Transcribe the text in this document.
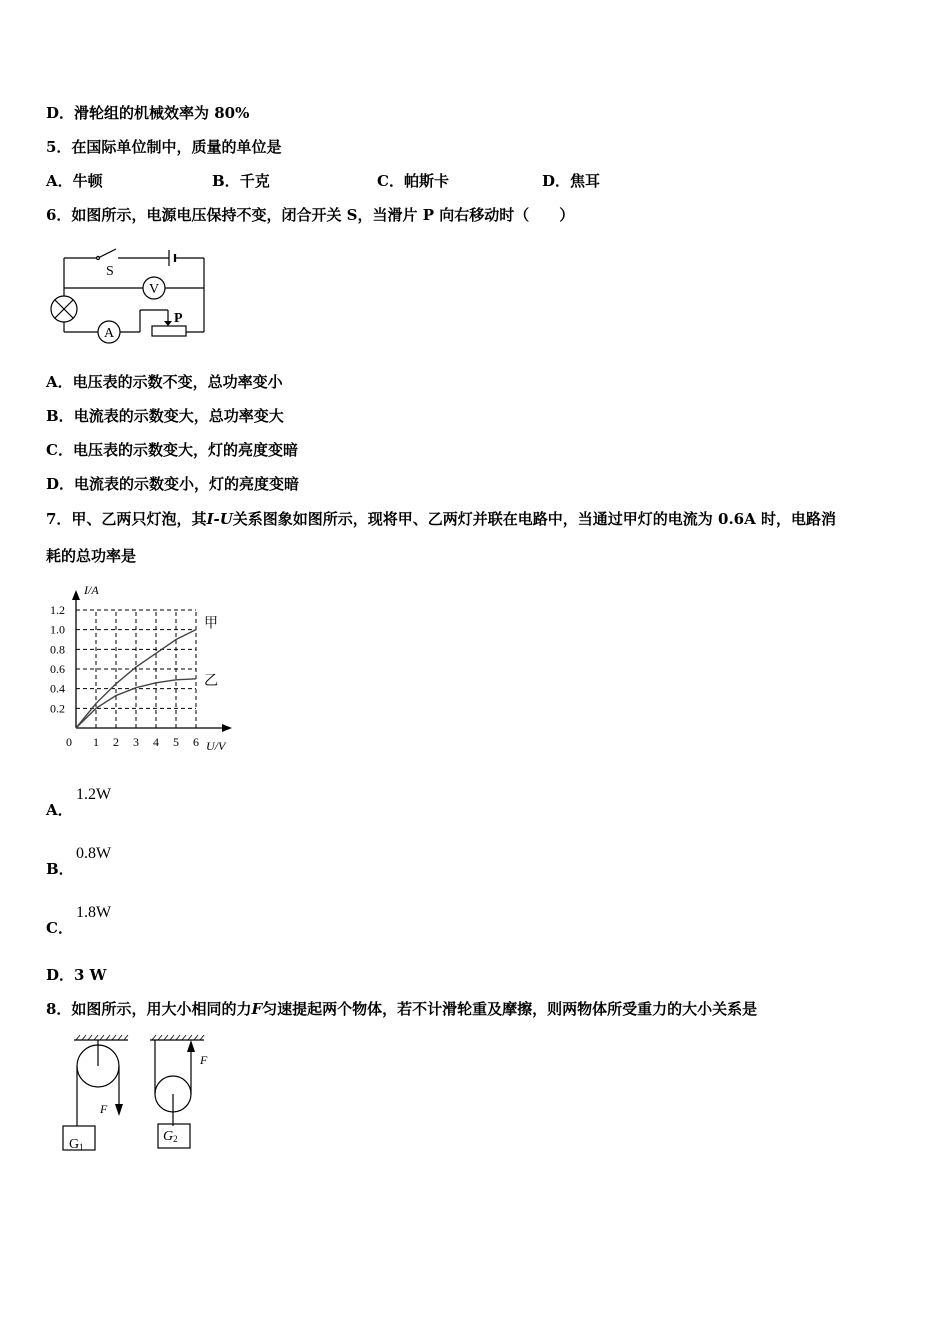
D．滑轮组的机械效率为 80%
5．在国际单位制中，质量的单位是
A．牛顿	B．千克	C．帕斯卡	D．焦耳
6．如图所示，电源电压保持不变，闭合开关 S，当滑片 P 向右移动时（　　）
S
V
A
P
A．电压表的示数不变，总功率变小
B．电流表的示数变大，总功率变大
C．电压表的示数变大，灯的亮度变暗
D．电流表的示数变小，灯的亮度变暗
7．甲、乙两只灯泡，其I-U关系图象如图所示，现将甲、乙两灯并联在电路中，当通过甲灯的电流为 0.6A 时，电路消
耗的总功率是
0 1 2 3 4 5 6
0.2
0.4
0.6
0.8
1.0
1.2
U/V
I/A
甲
乙
A．
1.2W
B．
0.8W
C．
1.8W
D．3 W
8．如图所示，用大小相同的力F匀速提起两个物体，若不计滑轮重及摩擦，则两物体所受重力的大小关系是
F
F
G1
G2
